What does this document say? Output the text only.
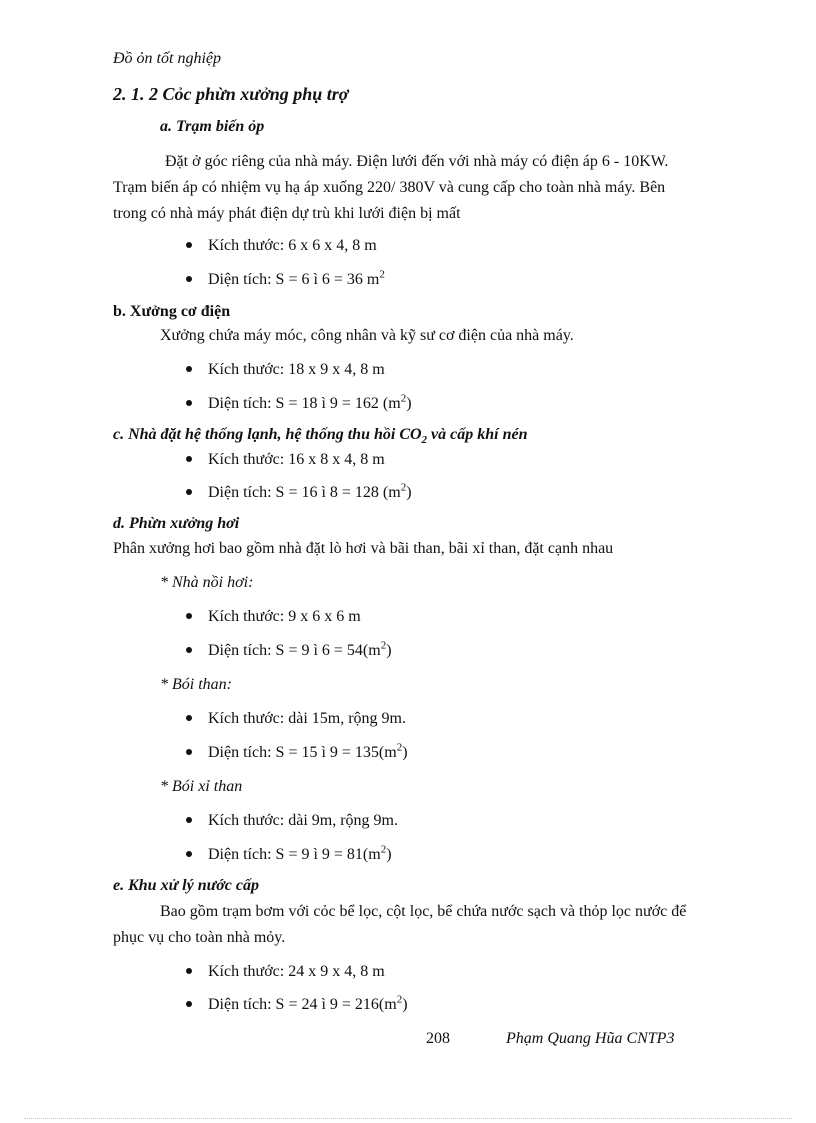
Đồ ỏn tốt nghiệp
2. 1. 2 Cỏc phừn xưởng phụ trợ
a. Trạm biến ỏp

Đặt ở góc riêng của nhà máy. Điện lưới đến với nhà máy có điện áp 6 - 10KW.

Trạm biến áp có nhiệm vụ hạ áp xuống 220/ 380V và cung cấp cho toàn nhà máy. Bên

trong có nhà máy phát điện dự trù khi lưới điện bị mất

Kích thước: 6 x 6 x 4, 8 m
Diện tích: S = 6 ì 6 = 36 $m^2$
b. Xưởng cơ điện
Xưởng chứa máy móc, công nhân và kỹ sư cơ điện của nhà máy.
Kích thước: 18 x 9 x 4, 8 m
Diện tích: S = 18 ì 9 = 162 $(m^2)$
c. Nhà đặt hệ thống lạnh, hệ thống thu hồi $CO_2$ và cấp khí nén
Kích thước: 16 x 8 x 4, 8 m
Diện tích: S = 16 ì 8 = 128 $(m^2)$
d. Phừn xưởng hơi
Phân xưởng hơi bao gồm nhà đặt lò hơi và bãi than, bãi xỉ than, đặt cạnh nhau
* Nhà nồi hơi:
Kích thước: 9 x 6 x 6 m
Diện tích: S = 9 ì $6 = 54(m^2)$
* Bói than:
Kích thước: dài 15m, rộng 9m.
Diện tích: S = 15 ì $9 = 135(m^2)$
* Bói xỉ than
Kích thước: dài 9m, rộng 9m.
Diện tích: S = 9 ì $9 = 81(m^2)$
e. Khu xử lý nước cấp

Bao gồm trạm bơm với cỏc bể lọc, cột lọc, bể chứa nước sạch và thỏp lọc nước để

phục vụ cho toàn nhà mỏy.

Kích thước: 24 x 9 x 4, 8 m
Diện tích: S = 24 ì $9 = 216(m^2)$
208	Phạm Quang Hũa CNTP3
